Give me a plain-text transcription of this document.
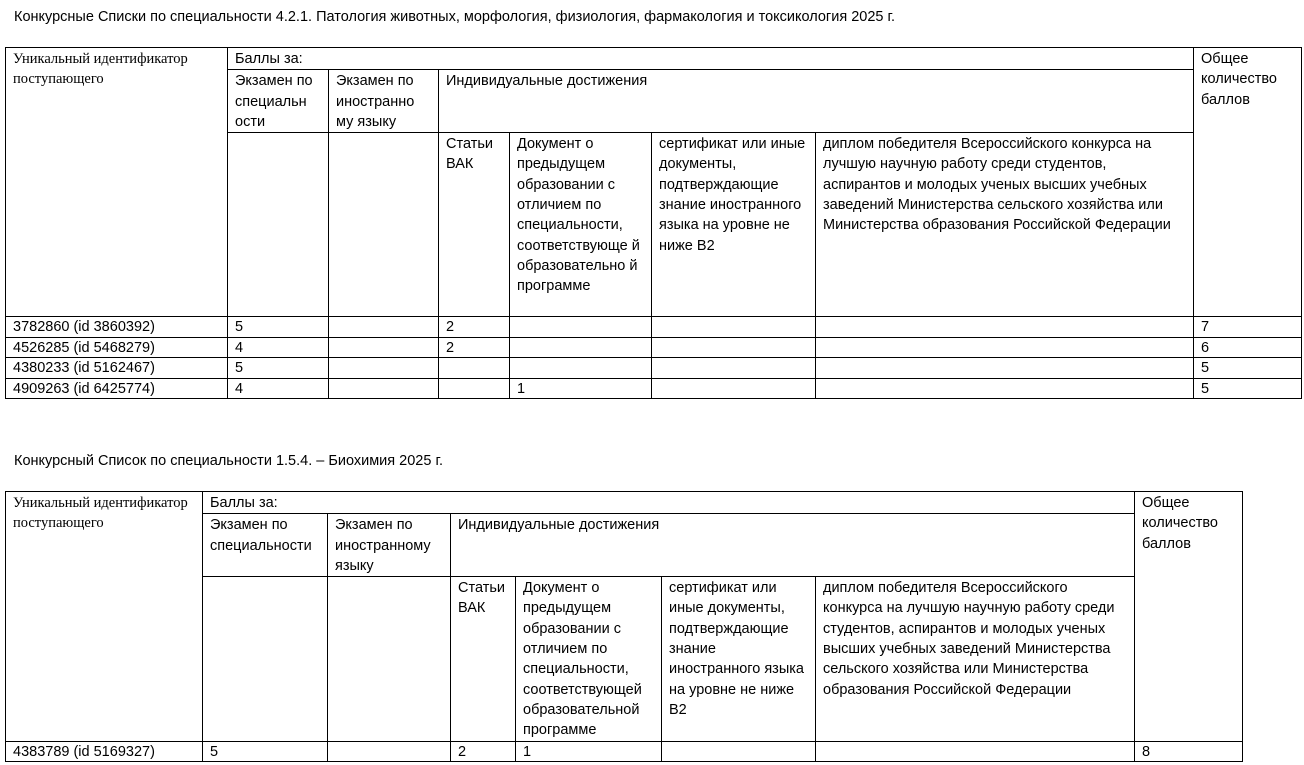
Конкурсные Списки по специальности 4.2.1. Патология животных, морфология, физиология, фармакология и токсикология 2025 г.
Уникальный идентификатор поступающего	Баллы за:						Общее количество баллов
	Экзамен по специальн ости	Экзамен по иностранно му языку	Индивидуальные достижения				
			Статьи ВАК	Документ о предыдущем образовании с отличием по специальности, соответствующе й образовательно й программе	сертификат или иные документы, подтверждающие знание иностранного языка на уровне не ниже В2	диплом победителя Всероссийского конкурса на лучшую научную работу среди студентов, аспирантов и молодых ученых высших учебных заведений Министерства сельского хозяйства или Министерства образования Российской Федерации	
3782860 (id 3860392)	5		2				7
4526285 (id 5468279)	4		2				6
4380233 (id 5162467)	5						5
4909263 (id 6425774)	4			1			5
Конкурсный Список по специальности 1.5.4. – Биохимия 2025 г.
Уникальный идентификатор поступающего	Баллы за:						Общее количество баллов
	Экзамен по специальности	Экзамен по иностранному языку	Индивидуальные достижения				
			Статьи ВАК	Документ о предыдущем образовании с отличием по специальности, соответствующей образовательной программе	сертификат или иные документы, подтверждающие знание иностранного языка на уровне не ниже В2	диплом победителя Всероссийского конкурса на лучшую научную работу среди студентов, аспирантов и молодых ученых высших учебных заведений Министерства сельского хозяйства или Министерства образования Российской Федерации	
4383789 (id 5169327)	5		2	1			8
